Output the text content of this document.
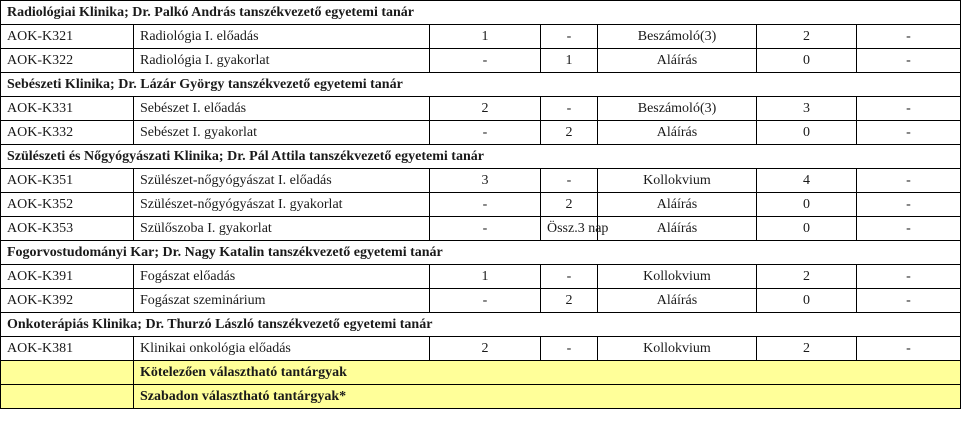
Radiológiai Klinika; Dr. Palkó András tanszékvezető egyetemi tanár						
AOK-K321	Radiológia I. előadás	1	-	Beszámoló(3)	2	-
AOK-K322	Radiológia I. gyakorlat	-	1	Aláírás	0	-
Sebészeti Klinika; Dr. Lázár György tanszékvezető egyetemi tanár						
AOK-K331	Sebészet I. előadás	2	-	Beszámoló(3)	3	-
AOK-K332	Sebészet I. gyakorlat	-	2	Aláírás	0	-
Szülészeti és Nőgyógyászati Klinika; Dr. Pál Attila tanszékvezető egyetemi tanár						
AOK-K351	Szülészet-nőgyógyászat I. előadás	3	-	Kollokvium	4	-
AOK-K352	Szülészet-nőgyógyászat I. gyakorlat	-	2	Aláírás	0	-
AOK-K353	Szülőszoba I. gyakorlat	-	Össz.3 nap	Aláírás	0	-
Fogorvostudományi Kar; Dr. Nagy Katalin tanszékvezető egyetemi tanár						
AOK-K391	Fogászat előadás	1	-	Kollokvium	2	-
AOK-K392	Fogászat szeminárium	-	2	Aláírás	0	-
Onkoterápiás Klinika; Dr. Thurzó László tanszékvezető egyetemi tanár						
AOK-K381	Klinikai onkológia előadás	2	-	Kollokvium	2	-
	Kötelezően választható tantárgyak					
	Szabadon választható tantárgyak*					
